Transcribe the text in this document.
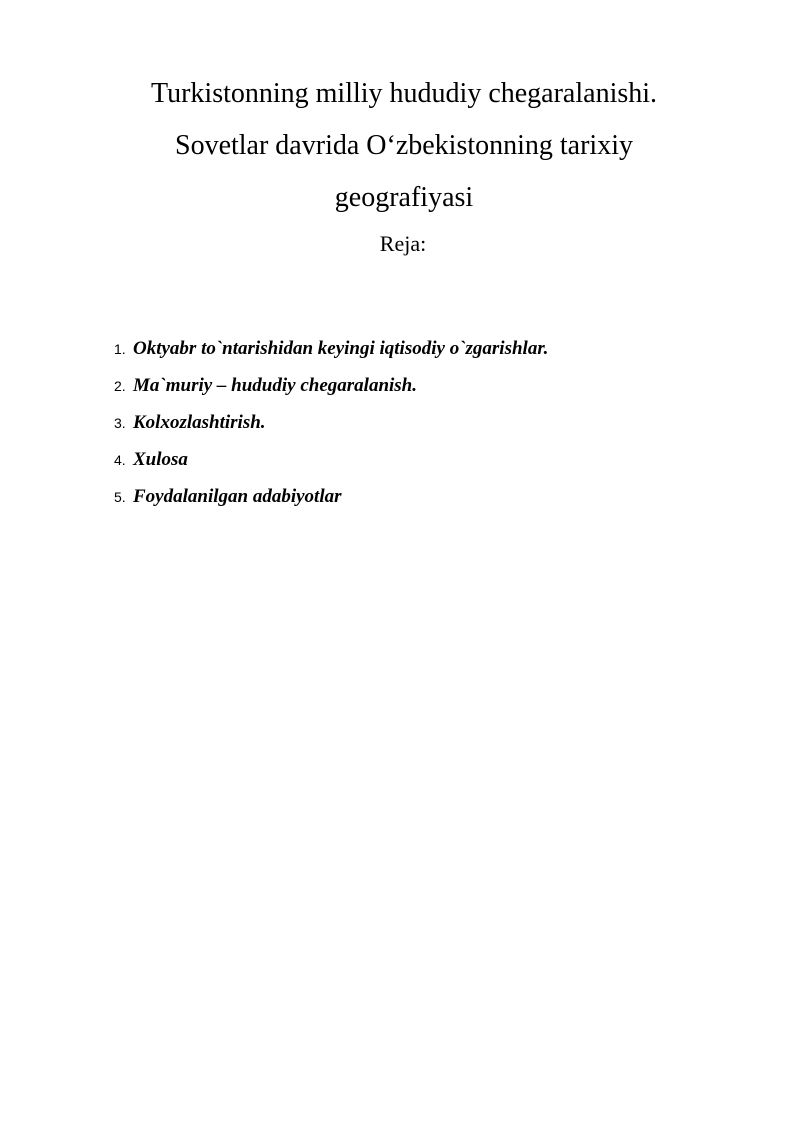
Turkistonning milliy hududiy chegaralanishi.
Sovetlar davrida O‘zbekistonning tarixiy
geografiyasi

Reja:

1. Oktyabr to`ntarishidan keyingi iqtisodiy o`zgarishlar.
2. Ma`muriy – hududiy chegaralanish.
3. Kolxozlashtirish.
4. Xulosa
5. Foydalanilgan adabiyotlar
